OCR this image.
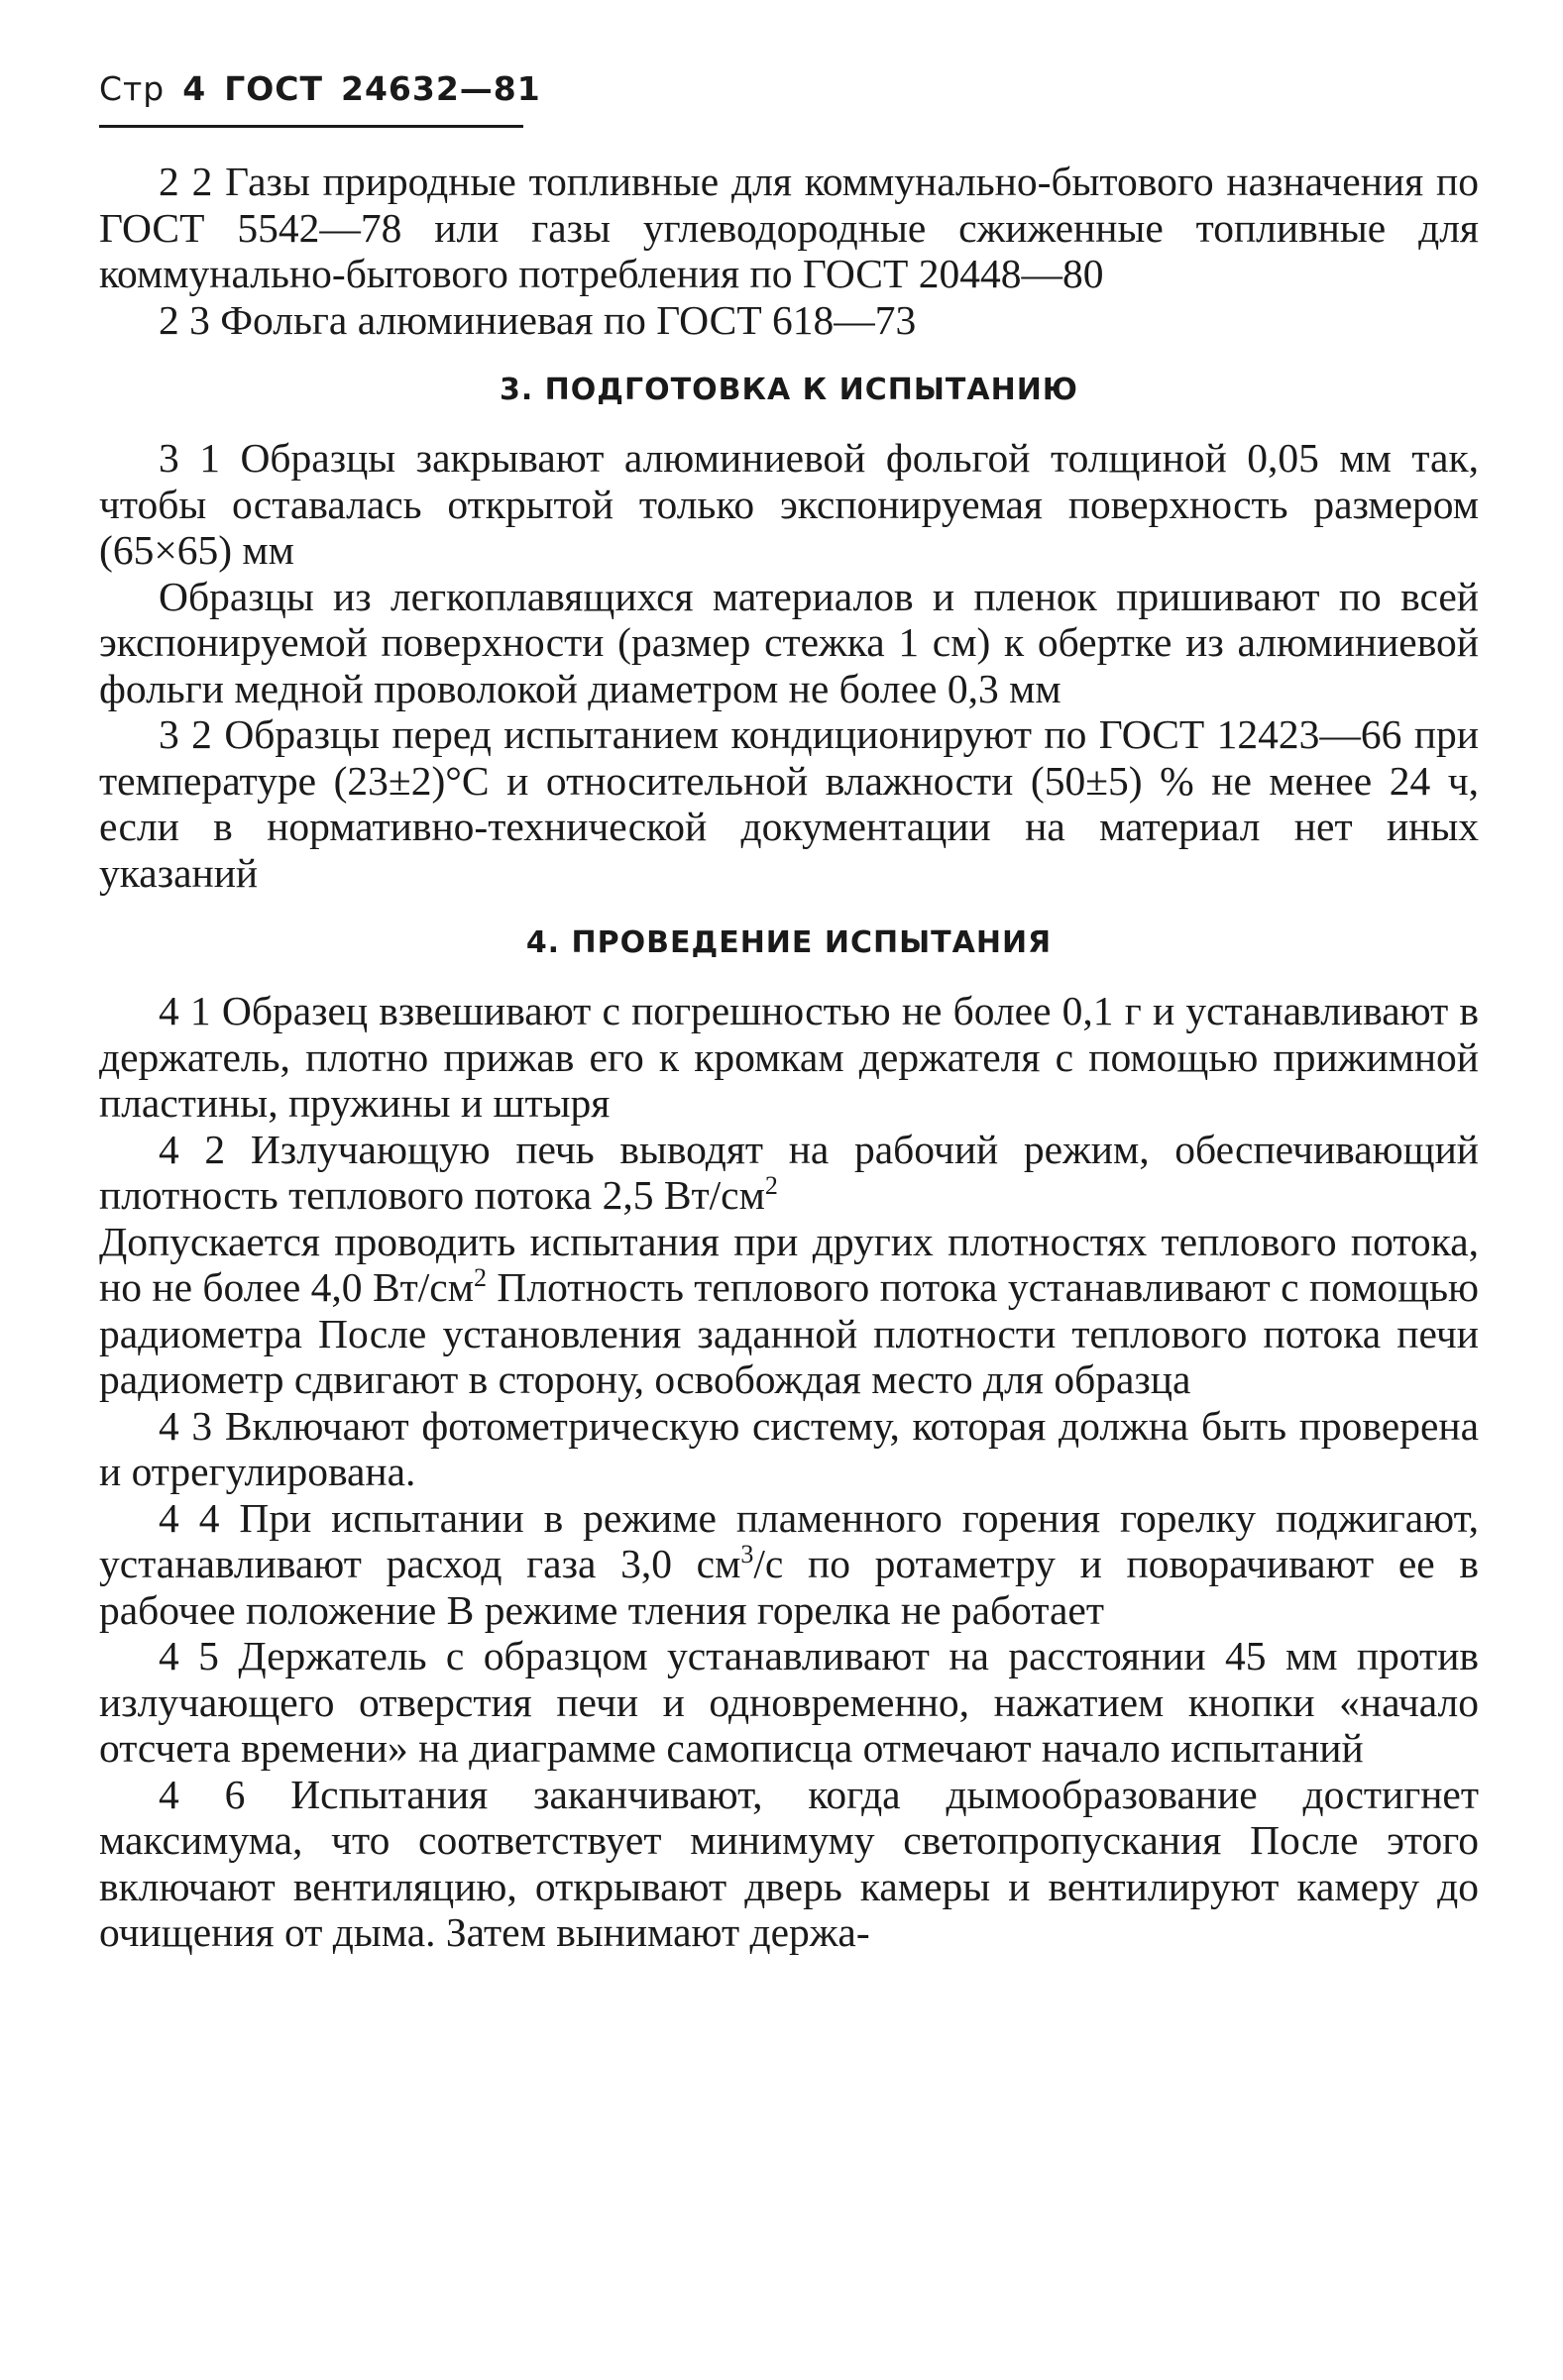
Стр 4 ГОСТ 24632—81

2 2 Газы природные топливные для коммунально-бытового назначения по ГОСТ 5542—78 или газы углеводородные сжиженные топливные для коммунально-бытового потребления по ГОСТ 20448—80

2 3 Фольга алюминиевая по ГОСТ 618—73

3. ПОДГОТОВКА К ИСПЫТАНИЮ

3 1 Образцы закрывают алюминиевой фольгой толщиной 0,05 мм так, чтобы оставалась открытой только экспонируемая поверхность размером (65×65) мм

Образцы из легкоплавящихся материалов и пленок пришивают по всей экспонируемой поверхности (размер стежка 1 см) к обертке из алюминиевой фольги медной проволокой диаметром не более 0,3 мм

3 2 Образцы перед испытанием кондиционируют по ГОСТ 12423—66 при температуре (23±2)°С и относительной влажности (50±5) % не менее 24 ч, если в нормативно-технической документации на материал нет иных указаний

4. ПРОВЕДЕНИЕ ИСПЫТАНИЯ

4 1 Образец взвешивают с погрешностью не более 0,1 г и устанавливают в держатель, плотно прижав его к кромкам держателя с помощью прижимной пластины, пружины и штыря

4 2 Излучающую печь выводят на рабочий режим, обеспечивающий плотность теплового потока 2,5 $Вт/см^2$

Допускается проводить испытания при других плотностях теплового потока, но не более 4,0 $Вт/см^2$ Плотность теплового потока устанавливают с помощью радиометра После установления заданной плотности теплового потока печи радиометр сдвигают в сторону, освобождая место для образца

4 3 Включают фотометрическую систему, которая должна быть проверена и отрегулирована.

4 4 При испытании в режиме пламенного горения горелку поджигают, устанавливают расход газа 3,0 $см^3/с$ по ротаметру и поворачивают ее в рабочее положение В режиме тления горелка не работает

4 5 Держатель с образцом устанавливают на расстоянии 45 мм против излучающего отверстия печи и одновременно, нажатием кнопки «начало отсчета времени» на диаграмме самописца отмечают начало испытаний

4 6 Испытания заканчивают, когда дымообразование достигнет максимума, что соответствует минимуму светопропускания После этого включают вентиляцию, открывают дверь камеры и вентилируют камеру до очищения от дыма. Затем вынимают держа-
